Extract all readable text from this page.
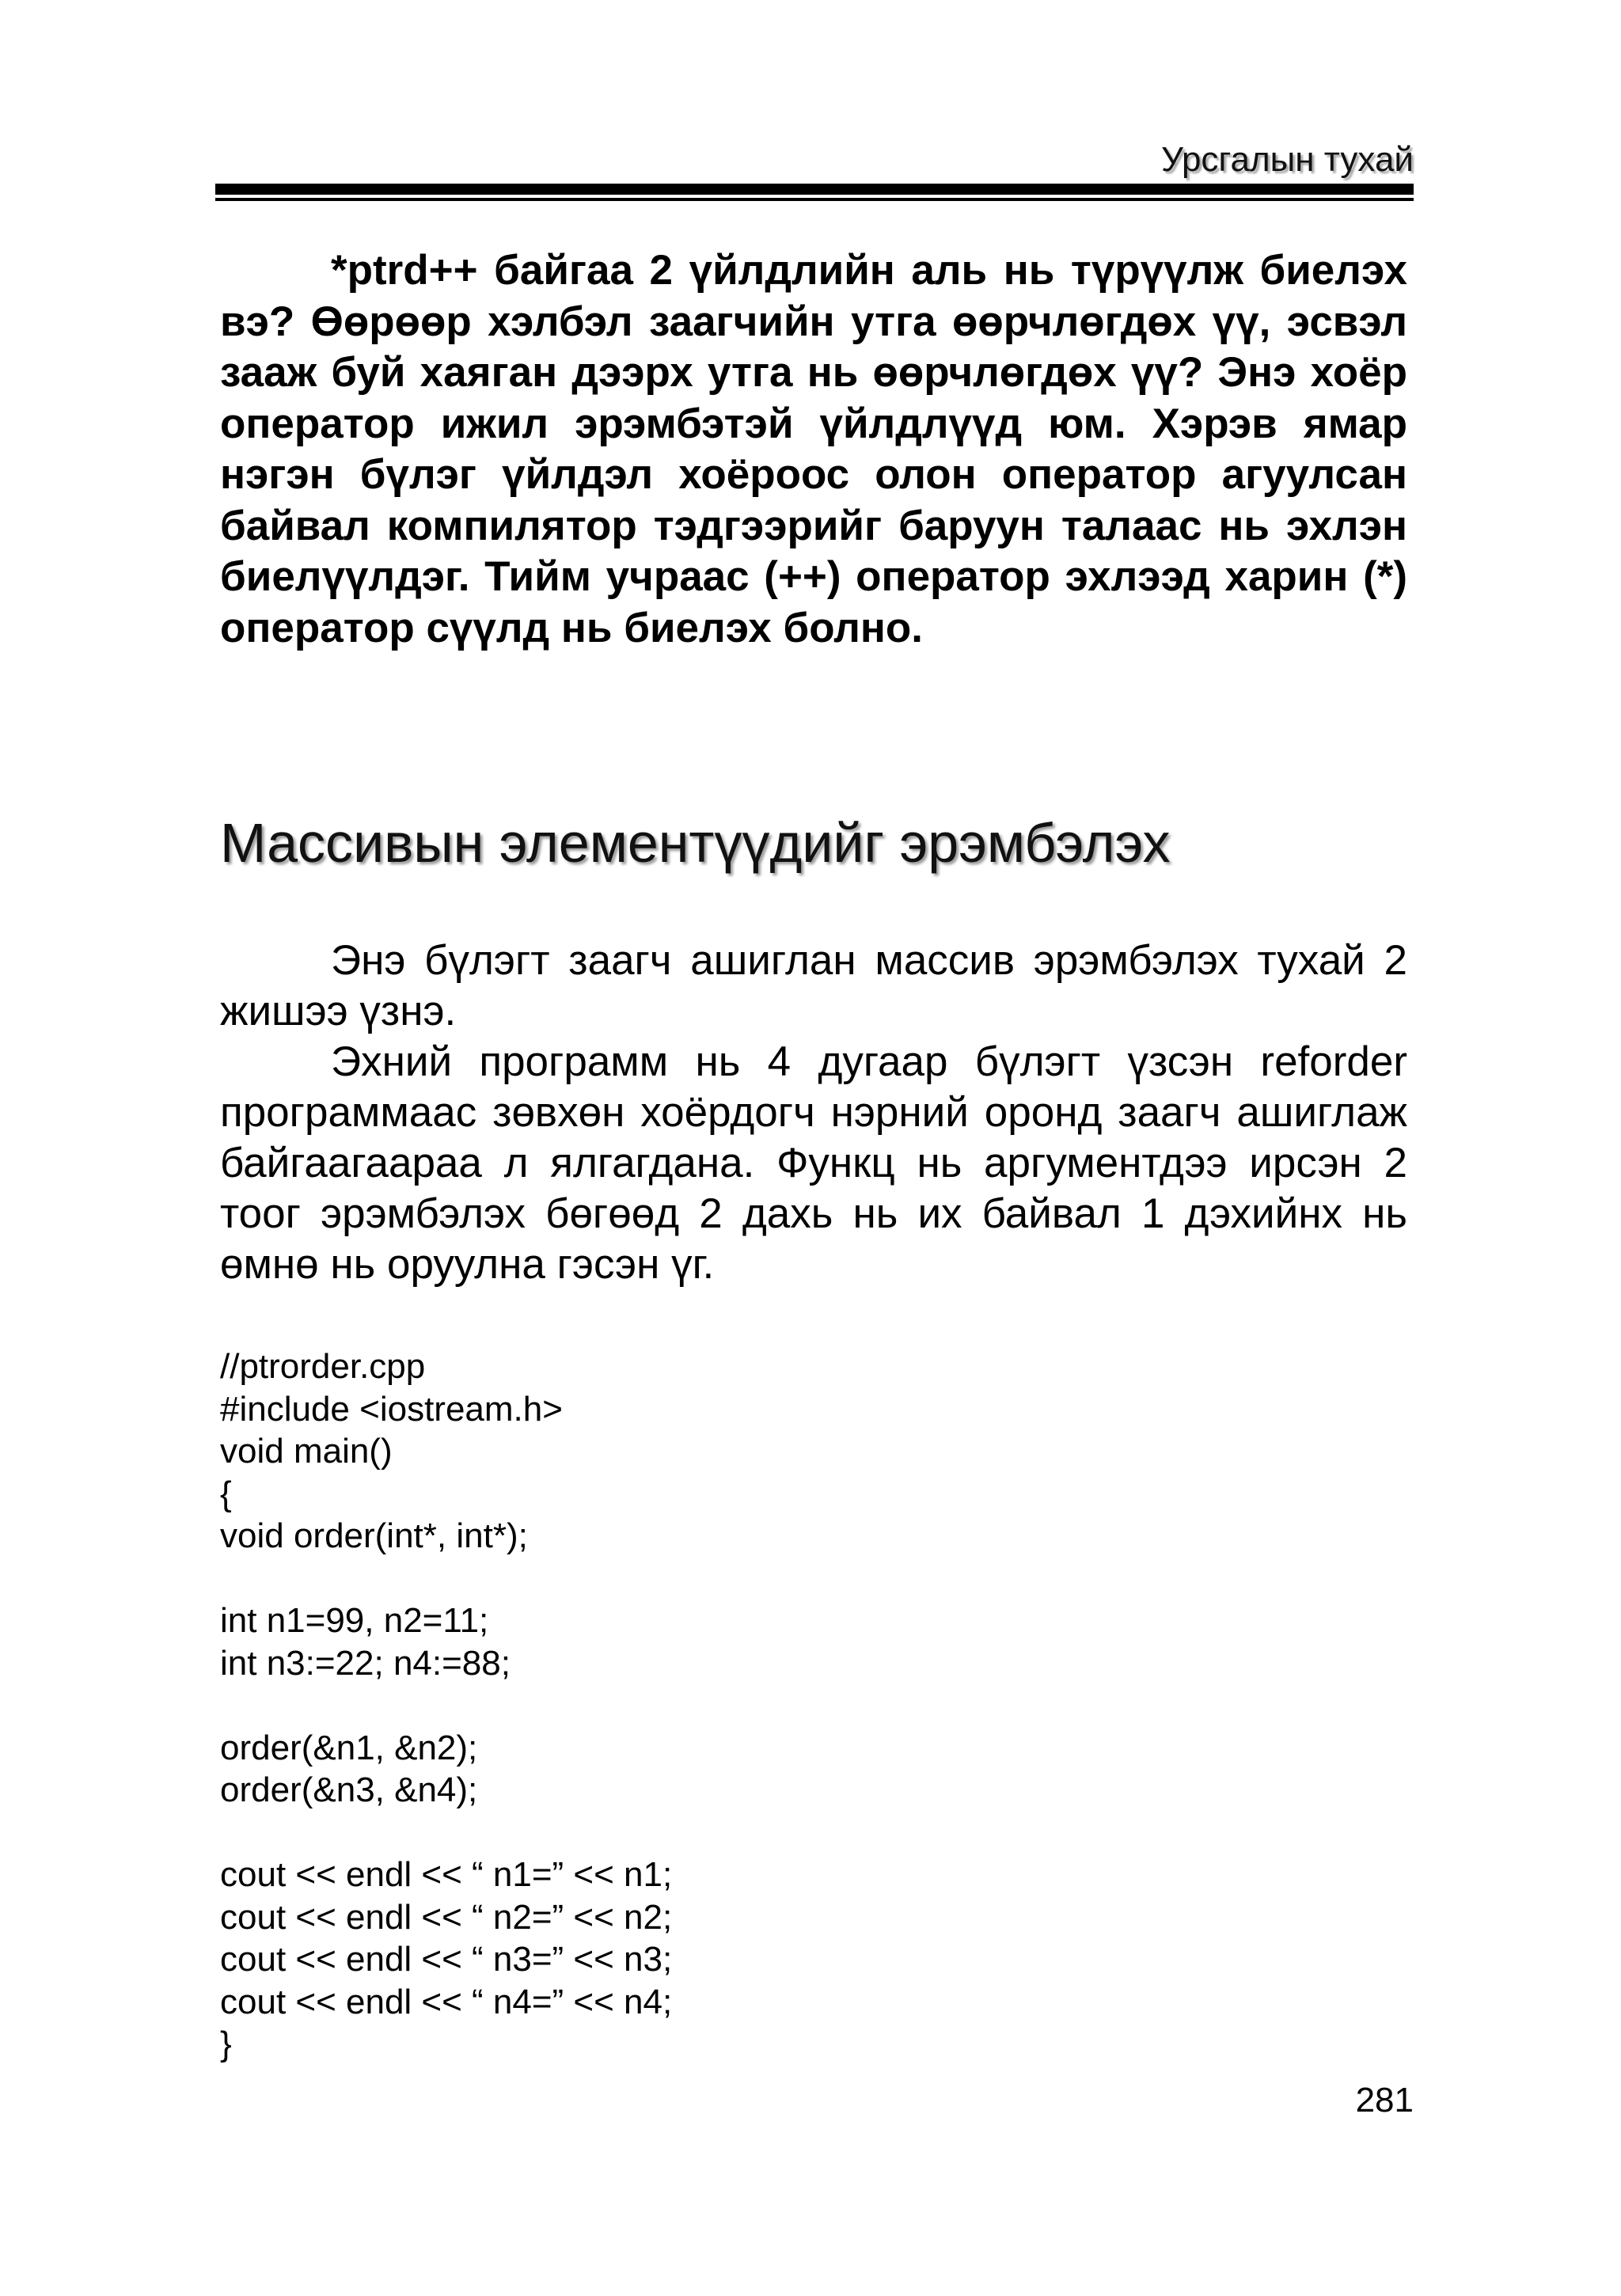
Урсгалын тухай

*ptrd++ байгаа 2 үйлдлийн аль нь түрүүлж биелэх вэ? Өөрөөр хэлбэл заагчийн утга өөрчлөгдөх үү, эсвэл зааж буй хаяган дээрх утга нь өөрчлөгдөх үү? Энэ хоёр оператор ижил эрэмбэтэй үйлдлүүд юм. Хэрэв ямар нэгэн бүлэг үйлдэл хоёроос олон оператор агуулсан байвал компилятор тэдгээрийг баруун талаас нь эхлэн биелүүлдэг. Тийм учраас (++) оператор эхлээд харин (*) оператор сүүлд нь биелэх болно.

Массивын элементүүдийг эрэмбэлэх

Энэ бүлэгт заагч ашиглан массив эрэмбэлэх тухай 2 жишээ үзнэ.

Эхний программ нь 4 дугаар бүлэгт үзсэн reforder программаас зөвхөн хоёрдогч нэрний оронд заагч ашиглаж байгаагаараа л ялгагдана. Функц нь аргументдээ ирсэн 2 тоог эрэмбэлэх бөгөөд 2 дахь нь их байвал 1 дэхийнх нь өмнө нь оруулна гэсэн үг.

//ptrorder.cpp
#include <iostream.h>
void main()
{
void order(int*, int*);
int n1=99, n2=11;
int n3:=22; n4:=88;
order(&n1, &n2);
order(&n3, &n4);
cout << endl << “ n1=” << n1;
cout << endl << “ n2=” << n2;
cout << endl << “ n3=” << n3;
cout << endl << “ n4=” << n4;
}
281
